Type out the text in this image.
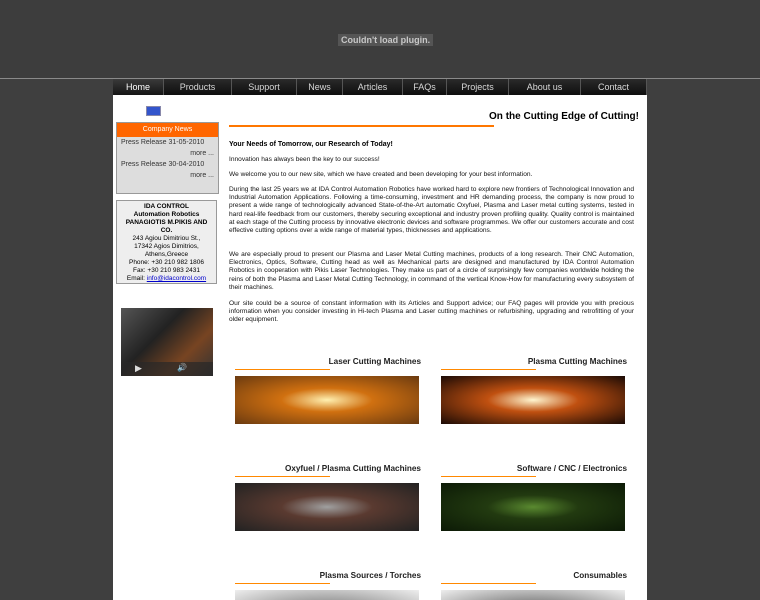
Couldn't load plugin.
Home	Products	Support	News	Articles	FAQs	Projects	About us	Contact
Company News
Press Release 31-05-2010
more ...
Press Release 30-04-2010
more ...
IDA CONTROL
Automation Robotics
PANAGIOTIS M.PIKIS AND
CO.
243 Agiou Dimitriou St.,
17342 Agios Dimitrios,
Athens,Greece
Phone: +30 210 982 1806
Fax: +30 210 983 2431
Email: info@idacontrol.com
▶	🔊
On the Cutting Edge of Cutting!
Your Needs of Tomorrow, our Research of Today!
Innovation has always been the key to our success!
We welcome you to our new site, which we have created and been developing for your best information.
During the last 25 years we at IDA Control Automation Robotics have worked hard to explore new frontiers of Technological Innovation and Industrial Automation Applications. Following a time-consuming, investment and HR demanding process, the company is now proud to present a wide range of technologically advanced State-of-the-Art automatic Oxyfuel, Plasma and Laser metal cutting systems, tested in hard real-life feedback from our customers, thereby securing exceptional and industry proven profiling quality. Quality control is maintained at each stage of the Cutting process by innovative electronic devices and software programmes. We offer our customers accurate and cost effective cutting options over a wide range of material types, thicknesses and applications.
We are especially proud to present our Plasma and Laser Metal Cutting machines, products of a long research. Their CNC Automation, Electronics, Optics, Software, Cutting head as well as Mechanical parts are designed and manufactured by IDA Control Automation Robotics in cooperation with Pikis Laser Technologies. They make us part of a circle of surprisingly few companies worldwide holding the reins of both the Plasma and Laser Metal Cutting Technology, in command of the vertical Know-How for manufacturing every subsystem of their machines.
Our site could be a source of constant information with its Articles and Support advice; our FAQ pages will provide you with precious information when you consider investing in Hi-tech Plasma and Laser cutting machines or refurbishing, upgrading and retrofitting of your older equipment.
Laser Cutting Machines	Plasma Cutting Machines
Oxyfuel / Plasma Cutting Machines	Software / CNC / Electronics
Plasma Sources / Torches	Consumables
